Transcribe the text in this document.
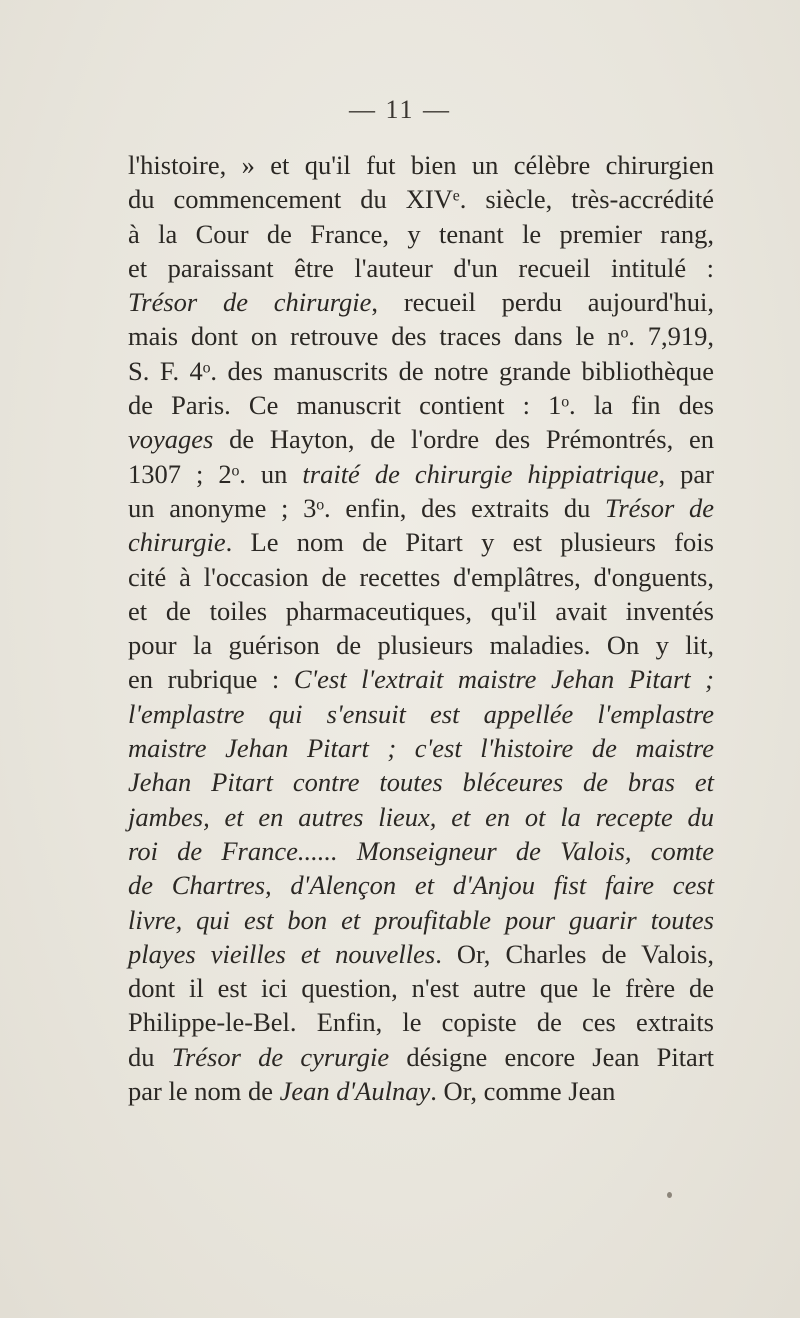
— 11 —
l'histoire, » et qu'il fut bien un célèbre chirurgien
du commencement du XIVᵉ. siècle, très-accrédité
à la Cour de France, y tenant le premier rang,
et paraissant être l'auteur d'un recueil intitulé :
Trésor de chirurgie, recueil perdu aujourd'hui,
mais dont on retrouve des traces dans le nᵒ. 7,919,
S. F. 4ᵒ. des manuscrits de notre grande bibliothèque
de Paris. Ce manuscrit contient : 1ᵒ. la fin des
voyages de Hayton, de l'ordre des Prémontrés, en
1307 ; 2ᵒ. un traité de chirurgie hippiatrique, par
un anonyme ; 3ᵒ. enfin, des extraits du Trésor de
chirurgie. Le nom de Pitart y est plusieurs fois
cité à l'occasion de recettes d'emplâtres, d'onguents,
et de toiles pharmaceutiques, qu'il avait inventés
pour la guérison de plusieurs maladies. On y lit,
en rubrique : C'est l'extrait maistre Jehan Pitart ;
l'emplastre qui s'ensuit est appellée l'emplastre
maistre Jehan Pitart ; c'est l'histoire de maistre
Jehan Pitart contre toutes bléceures de bras et
jambes, et en autres lieux, et en ot la recepte du
roi de France...... Monseigneur de Valois, comte
de Chartres, d'Alençon et d'Anjou fist faire cest
livre, qui est bon et proufitable pour guarir toutes
playes vieilles et nouvelles. Or, Charles de Valois,
dont il est ici question, n'est autre que le frère de
Philippe-le-Bel. Enfin, le copiste de ces extraits
du Trésor de cyrurgie désigne encore Jean Pitart
par le nom de Jean d'Aulnay. Or, comme Jean
